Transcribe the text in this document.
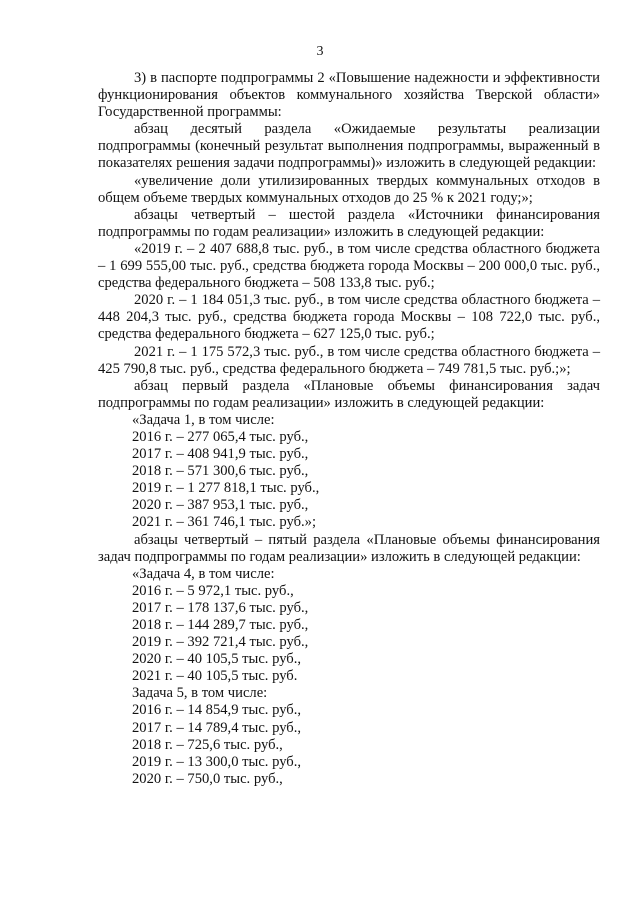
3

3) в паспорте подпрограммы 2 «Повышение надежности и эффективности функционирования объектов коммунального хозяйства Тверской области» Государственной программы:

абзац десятый раздела «Ожидаемые результаты реализации подпрограммы (конечный результат выполнения подпрограммы, выраженный в показателях решения задачи подпрограммы)» изложить в следующей редакции:

«увеличение доли утилизированных твердых коммунальных отходов в общем объеме твердых коммунальных отходов до 25 % к 2021 году;»;

абзацы четвертый – шестой раздела «Источники финансирования подпрограммы по годам реализации» изложить в следующей редакции:

«2019 г. – 2 407 688,8 тыс. руб., в том числе средства областного бюджета – 1 699 555,00 тыс. руб., средства бюджета города Москвы – 200 000,0 тыс. руб., средства федерального бюджета – 508 133,8 тыс. руб.;

2020 г. – 1 184 051,3 тыс. руб., в том числе средства областного бюджета – 448 204,3 тыс. руб., средства бюджета города Москвы – 108 722,0 тыс. руб., средства федерального бюджета – 627 125,0 тыс. руб.;

2021 г. – 1 175 572,3 тыс. руб., в том числе средства областного бюджета – 425 790,8 тыс. руб., средства федерального бюджета – 749 781,5 тыс. руб.;»;

абзац первый раздела «Плановые объемы финансирования задач подпрограммы по годам реализации» изложить в следующей редакции:

«Задача 1, в том числе:

2016 г. – 277 065,4 тыс. руб.,

2017 г. – 408 941,9 тыс. руб.,

2018 г. – 571 300,6 тыс. руб.,

2019 г. – 1 277 818,1 тыс. руб.,

2020 г. – 387 953,1 тыс. руб.,

2021 г. – 361 746,1 тыс. руб.»;

абзацы четвертый – пятый раздела «Плановые объемы финансирования задач подпрограммы по годам реализации» изложить в следующей редакции:

«Задача 4, в том числе:

2016 г. – 5 972,1 тыс. руб.,

2017 г. – 178 137,6 тыс. руб.,

2018 г. – 144 289,7 тыс. руб.,

2019 г. – 392 721,4 тыс. руб.,

2020 г. – 40 105,5 тыс. руб.,

2021 г. – 40 105,5 тыс. руб.

Задача 5, в том числе:

2016 г. – 14 854,9 тыс. руб.,

2017 г. – 14 789,4 тыс. руб.,

2018 г. – 725,6 тыс. руб.,

2019 г. – 13 300,0 тыс. руб.,

2020 г. – 750,0 тыс. руб.,
